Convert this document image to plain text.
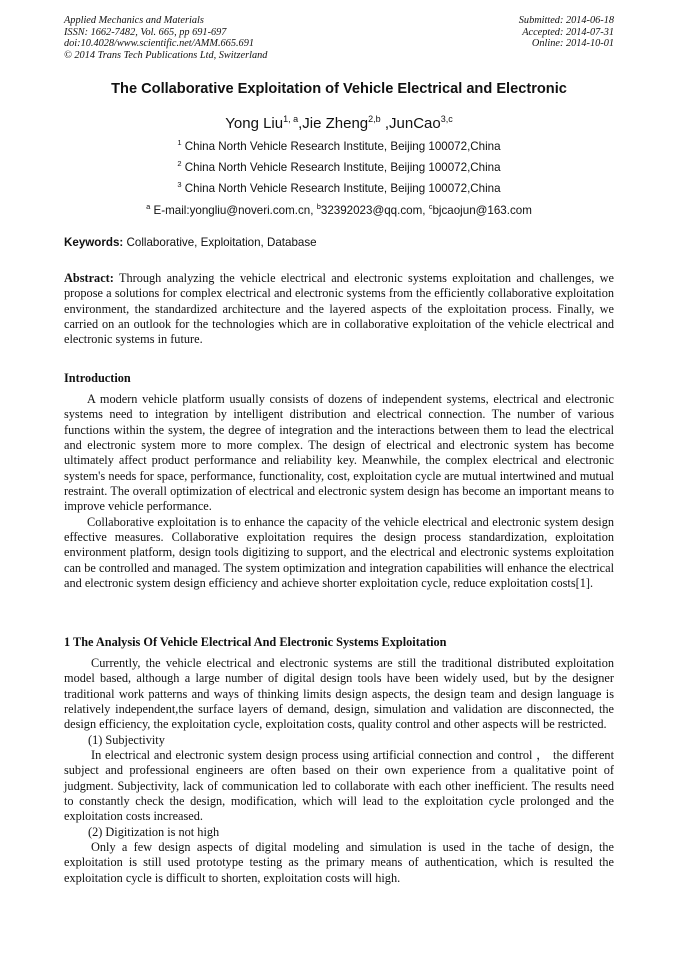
Applied Mechanics and Materials
ISSN: 1662-7482, Vol. 665, pp 691-697
doi:10.4028/www.scientific.net/AMM.665.691
© 2014 Trans Tech Publications Ltd, Switzerland
Submitted: 2014-06-18
Accepted: 2014-07-31
Online: 2014-10-01
The Collaborative Exploitation of Vehicle Electrical and Electronic
Yong Liu$^{1, a}$,Jie Zheng$^{2,b}$ ,JunCao$^{3,c}$
$^1$ China North Vehicle Research Institute, Beijing 100072,China
$^2$ China North Vehicle Research Institute, Beijing 100072,China
$^3$ China North Vehicle Research Institute, Beijing 100072,China
$^a$ E-mail:yongliu@noveri.com.cn, $^b$32392023@qq.com, $^c$bjcaojun@163.com
Keywords: Collaborative, Exploitation, Database

Abstract: Through analyzing the vehicle electrical and electronic systems exploitation and challenges, we propose a solutions for complex electrical and electronic systems from the efficiently collaborative exploitation environment, the standardized architecture and the layered aspects of the exploitation process. Finally, we carried on an outlook for the technologies which are in collaborative exploitation of the vehicle electrical and electronic systems in future.

Introduction

A modern vehicle platform usually consists of dozens of independent systems, electrical and electronic systems need to integration by intelligent distribution and electrical connection. The number of various functions within the system, the degree of integration and the interactions between them to lead the electrical and electronic system more to more complex. The design of electrical and electronic system has become ultimately affect product performance and reliability key. Meanwhile, the complex electrical and electronic system's needs for space, performance, functionality, cost, exploitation cycle are mutual intertwined and mutual restraint. The overall optimization of electrical and electronic system design has become an important means to improve vehicle performance.

Collaborative exploitation is to enhance the capacity of the vehicle electrical and electronic system design effective measures. Collaborative exploitation requires the design process standardization, exploitation environment platform, design tools digitizing to support, and the electrical and electronic systems exploitation can be controlled and managed. The system optimization and integration capabilities will enhance the electrical and electronic system design efficiency and achieve shorter exploitation cycle, reduce exploitation costs[1].

1 The Analysis Of Vehicle Electrical And Electronic Systems Exploitation

Currently, the vehicle electrical and electronic systems are still the traditional distributed exploitation model based, although a large number of digital design tools have been widely used, but by the designer traditional work patterns and ways of thinking limits design aspects, the design team and design language is relatively independent,the surface layers of demand, design, simulation and validation are disconnected, the design efficiency, the exploitation cycle, exploitation costs, quality control and other aspects will be restricted.

(1) Subjectivity

In electrical and electronic system design process using artificial connection and control ， the different subject and professional engineers are often based on their own experience from a qualitative point of judgment. Subjectivity, lack of communication led to collaborate with each other inefficient. The results need to constantly check the design, modification, which will lead to the exploitation cycle prolonged and the exploitation costs increased.

(2) Digitization is not high

Only a few design aspects of digital modeling and simulation is used in the tache of design, the exploitation is still used prototype testing as the primary means of authentication, which is resulted the exploitation cycle is difficult to shorten, exploitation costs will high.
